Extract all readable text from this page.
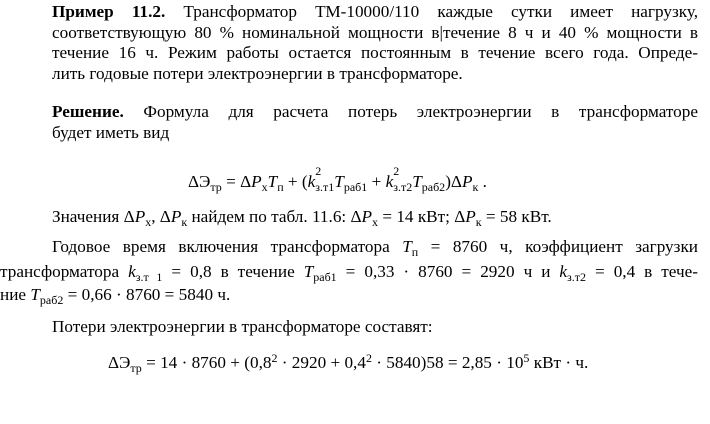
Пример 11.2. Трансформатор ТМ-10000/110 каждые сутки имеет нагрузку,
соответствующую 80 % номинальной мощности в|течение 8 ч и 40 % мощности в
течение 16 ч. Режим работы остается постоянным в течение всего года. Опреде-
лить годовые потери электроэнергии в трансформаторе.
Решение. Формула для расчета потерь электроэнергии в трансформаторе
будет иметь вид
$\Delta Э_{тр} = \Delta P_xT_п + (k$
2
$_{з.т1}T_{раб1} + k$
2
$_{з.т2}T_{раб2})\Delta P_к$ .
Значения $\Delta P_x$, $\Delta P_к$ найдем по табл. 11.6: $\Delta P_x = 14$ кВт; $\Delta P_к = 58$ кВт.
Годовое время включения трансформатора $T_п = 8760$ ч, коэффициент загрузки
трансформатора $k_{з.т 1} = 0,8$ в течение $T_{раб1} = 0,33 \cdot 8760 = 2920$ ч и $k_{з.т2} = 0,4$ в тече-
ние $T_{раб2} = 0,66 \cdot 8760 = 5840$ ч.
Потери электроэнергии в трансформаторе составят:
$\Delta Э_{тр} = 14 \cdot 8760 + (0,8^2 \cdot 2920 + 0,4^2 \cdot 5840)58 = 2,85 \cdot 10^5$ кВт · ч.
